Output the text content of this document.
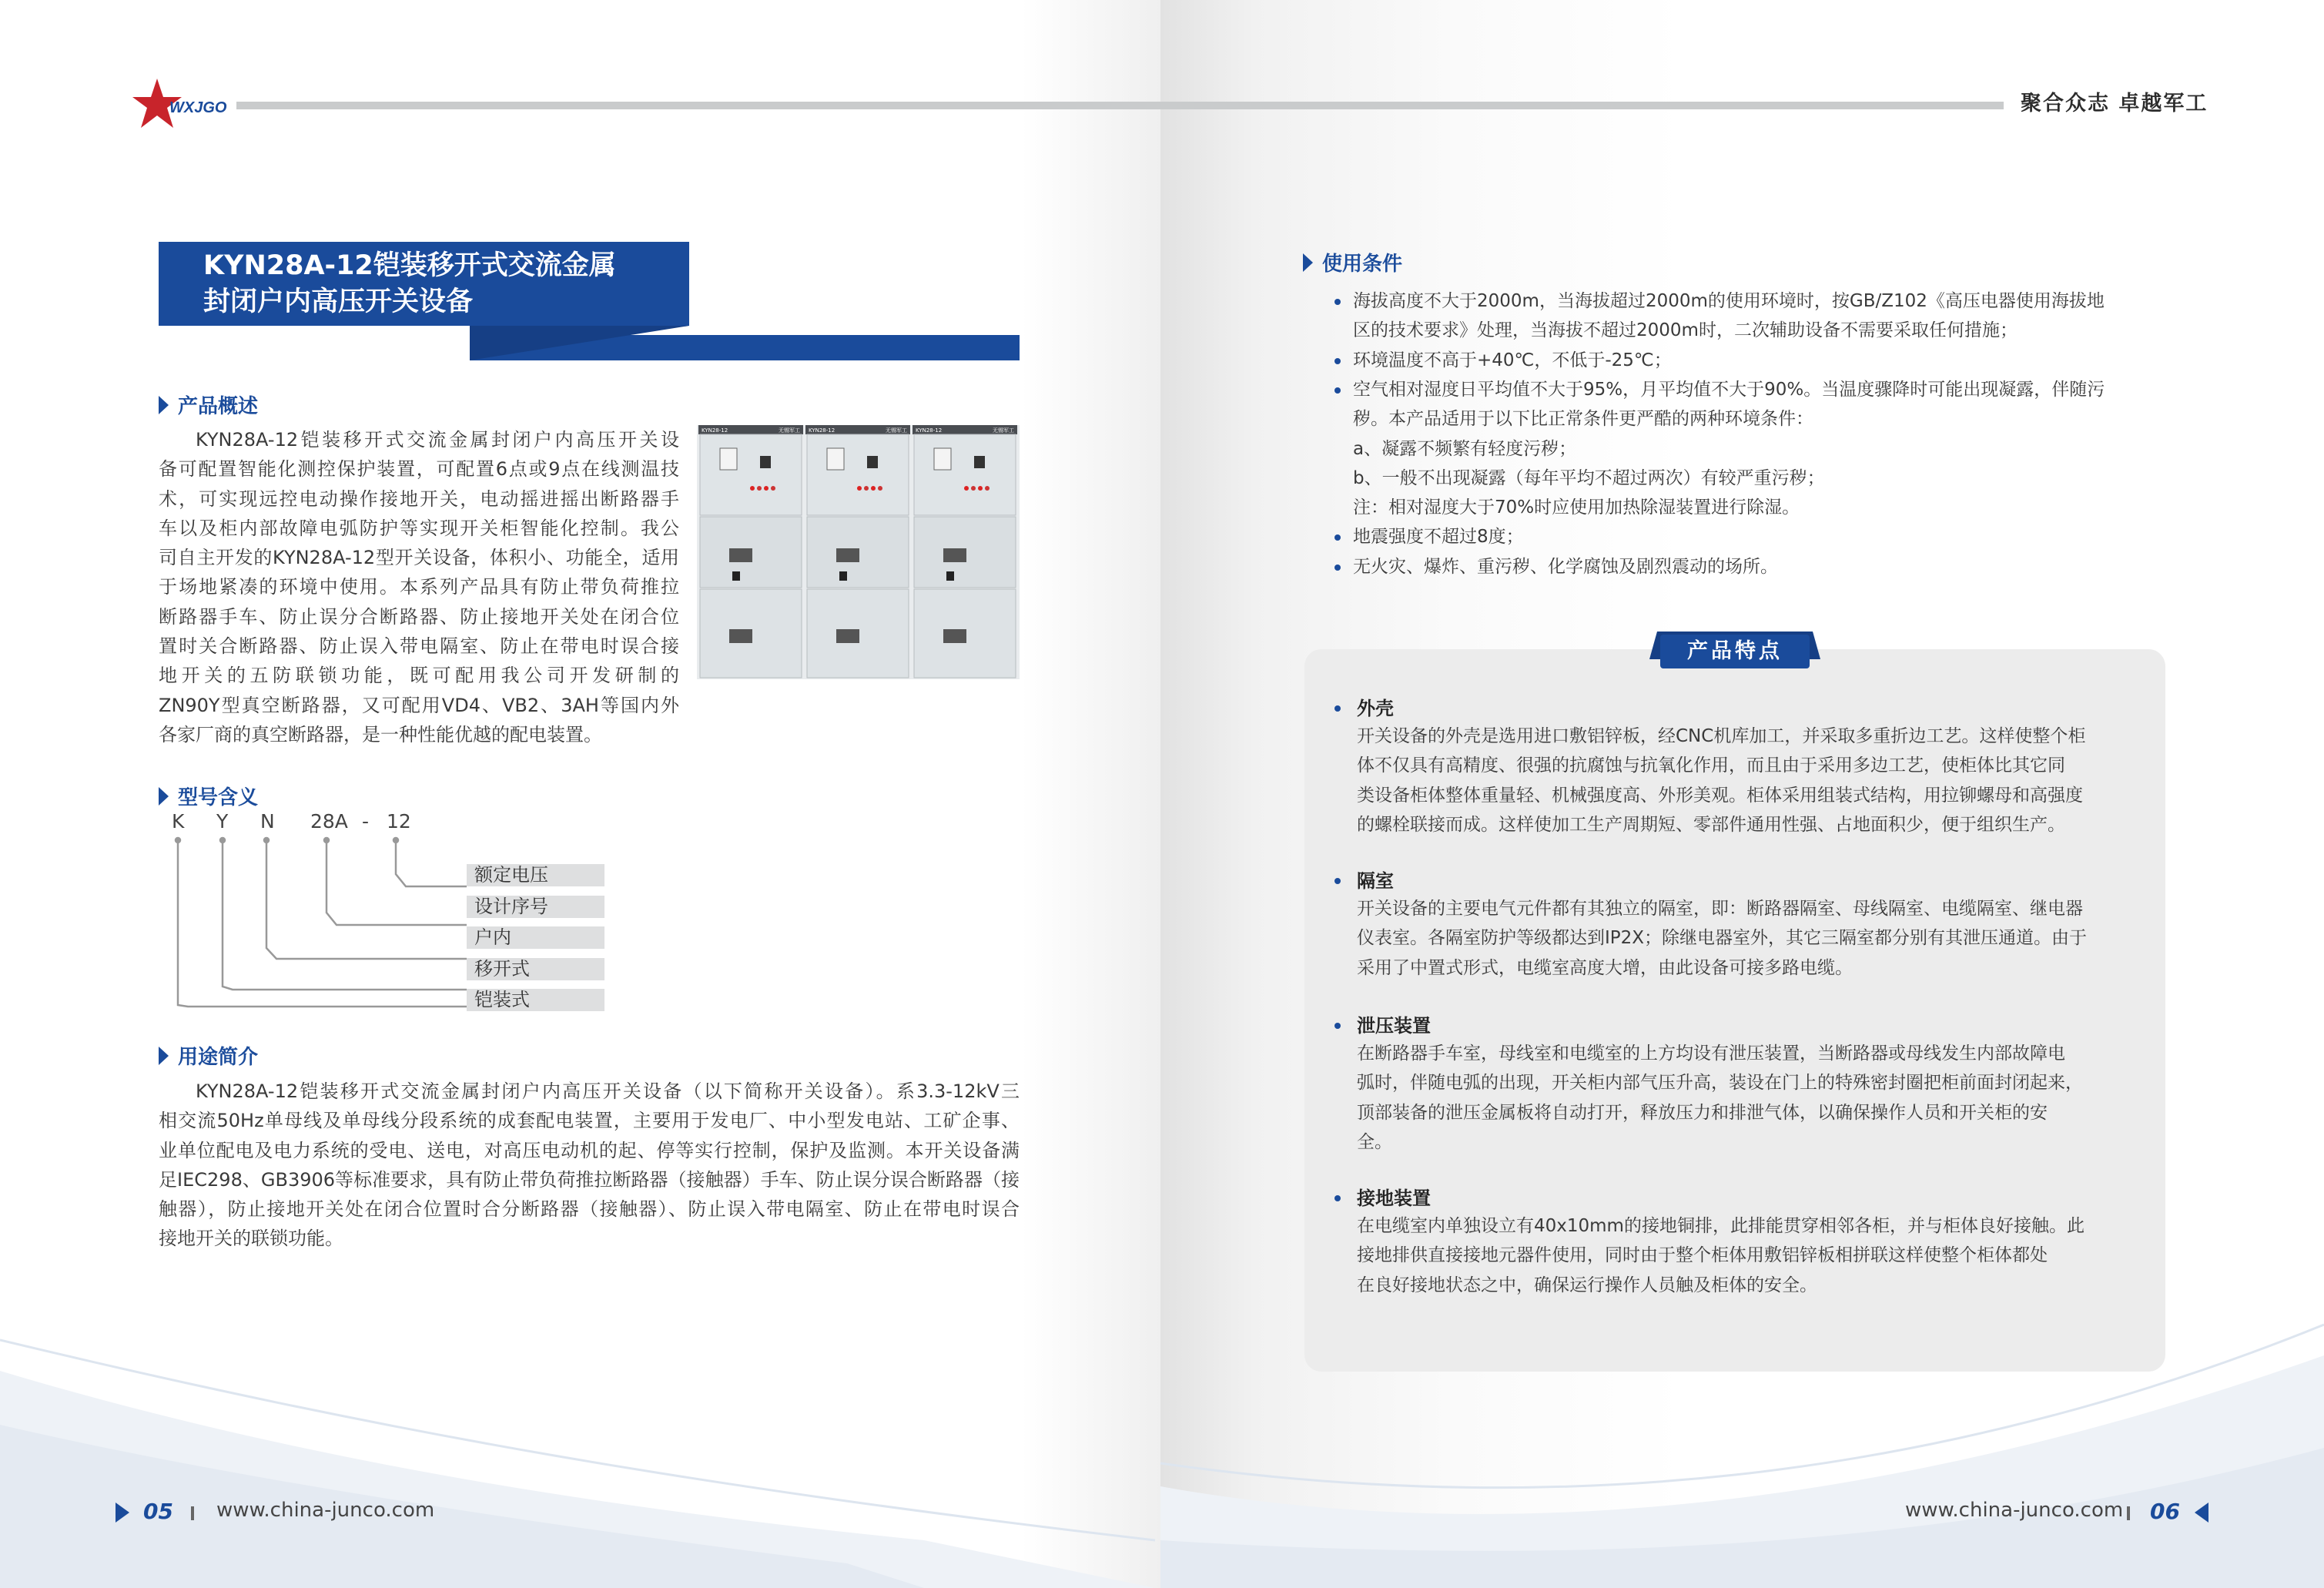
WXJGO	聚合众志 卓越军工
KYN28A-12铠装移开式交流金属
封闭户内高压开关设备
产品概述
KYN28A-12铠装移开式交流金属封闭户内高压开关设
备可配置智能化测控保护装置，可配置6点或9点在线测温技
术，可实现远控电动操作接地开关，电动摇进摇出断路器手
车以及柜内部故障电弧防护等实现开关柜智能化控制。我公
司自主开发的KYN28A-12型开关设备，体积小、功能全，适用
于场地紧凑的环境中使用。本系列产品具有防止带负荷推拉
断路器手车、防止误分合断路器、防止接地开关处在闭合位
置时关合断路器、防止误入带电隔室、防止在带电时误合接
地开关的五防联锁功能，既可配用我公司开发研制的
ZN90Y型真空断路器，又可配用VD4、VB2、3AH等国内外
各家厂商的真空断路器，是一种性能优越的配电装置。
KYN28-12	无锡军工 KYN28-12	无锡军工 KYN28-12	无锡军工
型号含义
K Y N 28A - 12
额定电压
设计序号
户内
移开式
铠装式
用途简介
KYN28A-12铠装移开式交流金属封闭户内高压开关设备（以下简称开关设备）。系3.3-12kV三
相交流50Hz单母线及单母线分段系统的成套配电装置，主要用于发电厂、中小型发电站、工矿企事、
业单位配电及电力系统的受电、送电，对高压电动机的起、停等实行控制，保护及监测。本开关设备满
足IEC298、GB3906等标准要求，具有防止带负荷推拉断路器（接触器）手车、防止误分误合断路器（接
触器），防止接地开关处在闭合位置时合分断路器（接触器）、防止误入带电隔室、防止在带电时误合
接地开关的联锁功能。
使用条件
海拔高度不大于2000m，当海拔超过2000m的使用环境时，按GB/Z102《高压电器使用海拔地
区的技术要求》处理，当海拔不超过2000m时，二次辅助设备不需要采取任何措施；
环境温度不高于+40℃，不低于-25℃；
空气相对湿度日平均值不大于95%，月平均值不大于90%。当温度骤降时可能出现凝露，伴随污
秽。本产品适用于以下比正常条件更严酷的两种环境条件：
a、凝露不频繁有轻度污秽；
b、一般不出现凝露（每年平均不超过两次）有较严重污秽；
注：相对湿度大于70%时应使用加热除湿装置进行除湿。
地震强度不超过8度；
无火灾、爆炸、重污秽、化学腐蚀及剧烈震动的场所。
产品特点
外壳
开关设备的外壳是选用进口敷铝锌板，经CNC机库加工，并采取多重折边工艺。这样使整个柜
体不仅具有高精度、很强的抗腐蚀与抗氧化作用，而且由于采用多边工艺，使柜体比其它同
类设备柜体整体重量轻、机械强度高、外形美观。柜体采用组装式结构，用拉铆螺母和高强度
的螺栓联接而成。这样使加工生产周期短、零部件通用性强、占地面积少，便于组织生产。
隔室
开关设备的主要电气元件都有其独立的隔室，即：断路器隔室、母线隔室、电缆隔室、继电器
仪表室。各隔室防护等级都达到IP2X；除继电器室外，其它三隔室都分别有其泄压通道。由于
采用了中置式形式，电缆室高度大增，由此设备可接多路电缆。
泄压装置
在断路器手车室，母线室和电缆室的上方均设有泄压装置，当断路器或母线发生内部故障电
弧时，伴随电弧的出现，开关柜内部气压升高，装设在门上的特殊密封圈把柜前面封闭起来，
顶部装备的泄压金属板将自动打开，释放压力和排泄气体，以确保操作人员和开关柜的安
全。
接地装置
在电缆室内单独设立有40x10mm的接地铜排，此排能贯穿相邻各柜，并与柜体良好接触。此
接地排供直接接地元器件使用，同时由于整个柜体用敷铝锌板相拼联这样使整个柜体都处
在良好接地状态之中，确保运行操作人员触及柜体的安全。
05 www.china-junco.com	www.china-junco.com 06
